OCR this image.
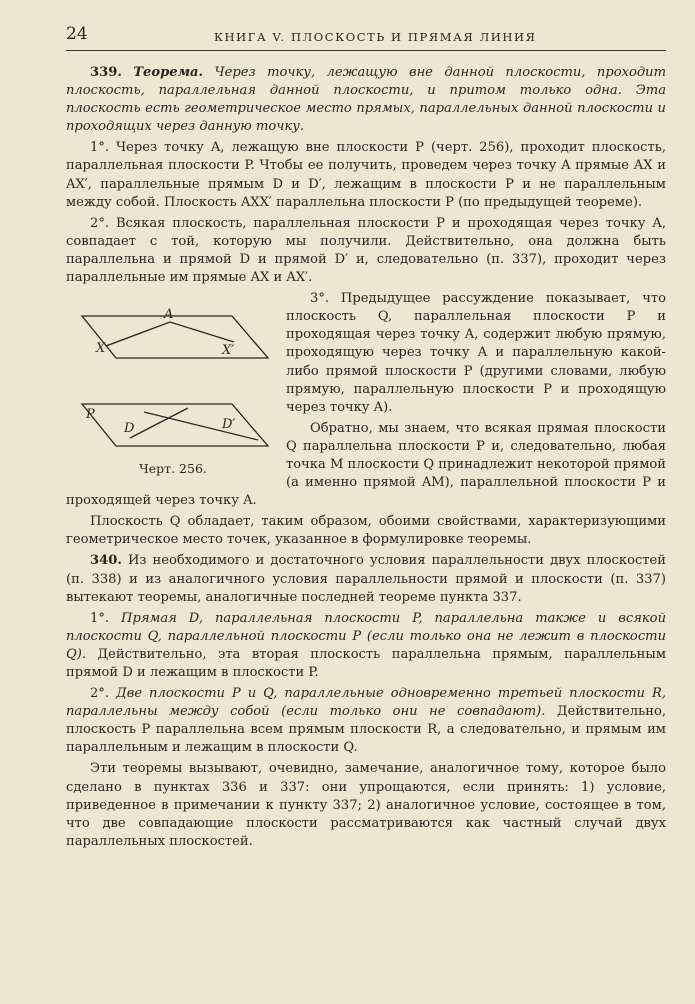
24	КНИГА V. ПЛОСКОСТЬ И ПРЯМАЯ ЛИНИЯ

339. Теорема. Через точку, лежащую вне данной плоскости, проходит плоскость, параллельная данной плоскости, и притом только одна. Эта плоскость есть геометрическое место прямых, параллельных данной плоскости и проходящих через данную точку.

1°. Через точку A, лежащую вне плоскости P (черт. 256), проходит плоскость, параллельная плоскости P. Чтобы ее получить, проведем через точку A прямые AX и AX′, параллельные прямым D и D′, лежащим в плоскости P и не параллельным между собой. Плоскость AXX′ параллельна плоскости P (по предыдущей теореме).

2°. Всякая плоскость, параллельная плоскости P и проходящая через точку A, совпадает с той, которую мы получили. Действительно, она должна быть параллельна и прямой D и прямой D′ и, следовательно (п. 337), проходит через параллельные им прямые AX и AX′.

A
X	X′
P
D	D′
Черт. 256.
3°. Предыдущее рассуждение показывает, что плоскость Q, параллельная плоскости P и проходящая через точку A, содержит любую прямую, проходящую через точку A и параллельную какой-либо прямой плоскости P (другими словами, любую прямую, параллельную плоскости P и проходящую через точку A).

Обратно, мы знаем, что всякая прямая плоскости Q параллельна плоскости P и, следовательно, любая точка M плоскости Q принадлежит некоторой прямой (а именно прямой AM), параллельной плоскости P и проходящей через точку A.

Плоскость Q обладает, таким образом, обоими свойствами, характеризующими геометрическое место точек, указанное в формулировке теоремы.

340. Из необходимого и достаточного условия параллельности двух плоскостей (п. 338) и из аналогичного условия параллельности прямой и плоскости (п. 337) вытекают теоремы, аналогичные последней теореме пункта 337.

1°. Прямая D, параллельная плоскости P, параллельна также и всякой плоскости Q, параллельной плоскости P (если только она не лежит в плоскости Q). Действительно, эта вторая плоскость параллельна прямым, параллельным прямой D и лежащим в плоскости P.

2°. Две плоскости P и Q, параллельные одновременно третьей плоскости R, параллельны между собой (если только они не совпадают). Действительно, плоскость P параллельна всем прямым плоскости R, а следовательно, и прямым им параллельным и лежащим в плоскости Q.

Эти теоремы вызывают, очевидно, замечание, аналогичное тому, которое было сделано в пунктах 336 и 337: они упрощаются, если принять: 1) условие, приведенное в примечании к пункту 337; 2) аналогичное условие, состоящее в том, что две совпадающие плоскости рассматриваются как частный случай двух параллельных плоскостей.
